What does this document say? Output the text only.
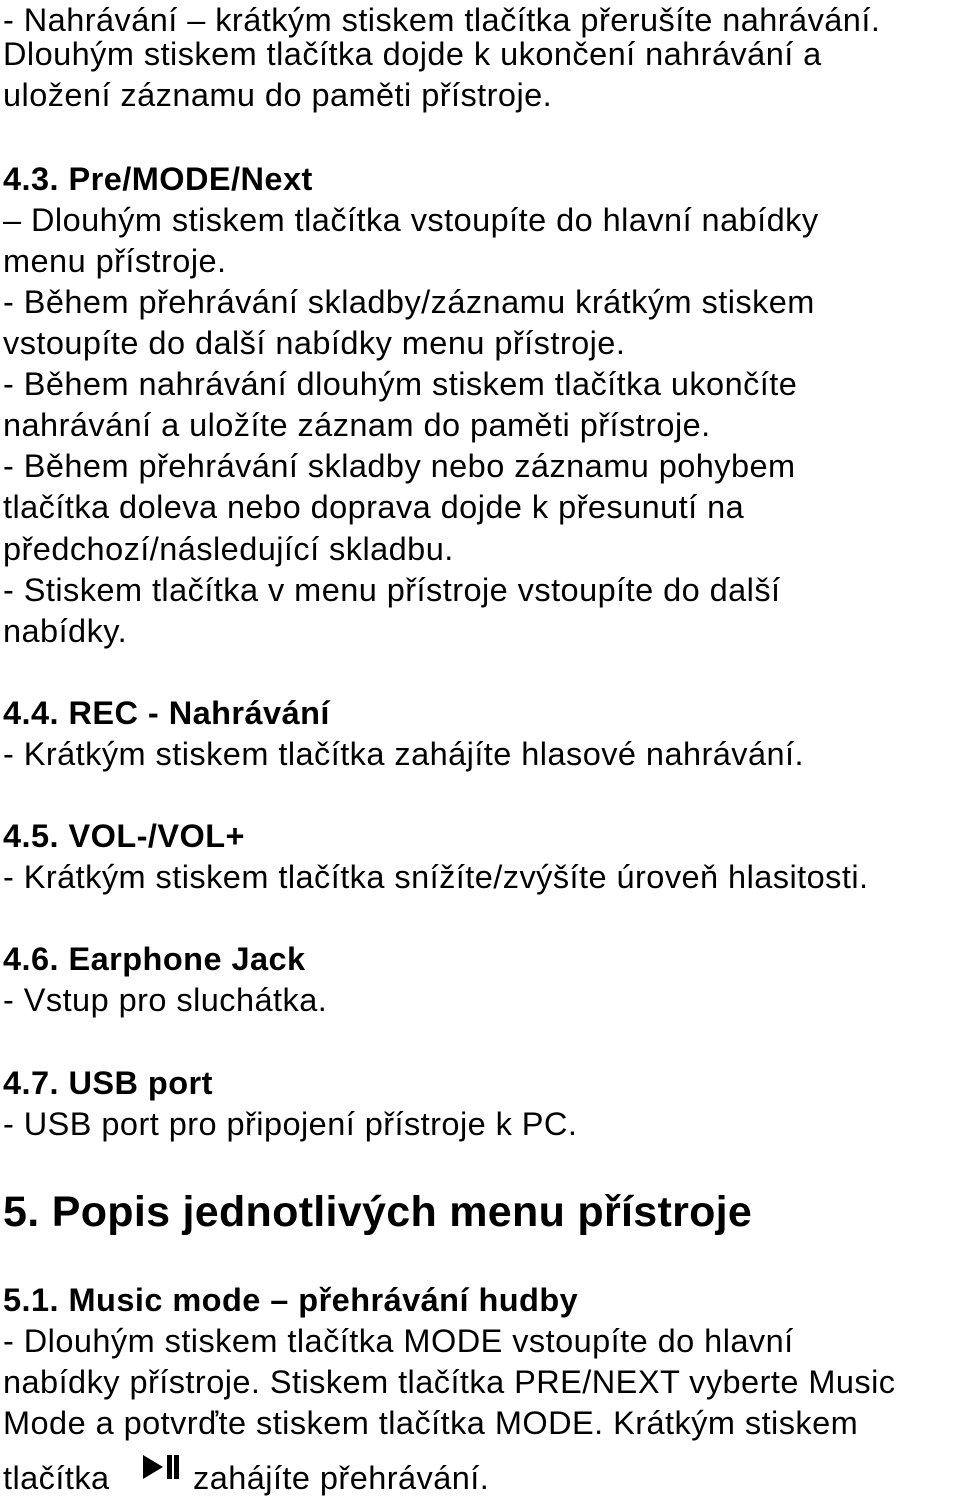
- Nahrávání – krátkým stiskem tlačítka přerušíte nahrávání.
Dlouhým stiskem tlačítka dojde k ukončení nahrávání a
uložení záznamu do paměti přístroje.
4.3. Pre/MODE/Next
– Dlouhým stiskem tlačítka vstoupíte do hlavní nabídky
menu přístroje.
- Během přehrávání skladby/záznamu krátkým stiskem
vstoupíte do další nabídky menu přístroje.
- Během nahrávání dlouhým stiskem tlačítka ukončíte
nahrávání a uložíte záznam do paměti přístroje.
- Během přehrávání skladby nebo záznamu pohybem
tlačítka doleva nebo doprava dojde k přesunutí na
předchozí/následující skladbu.
- Stiskem tlačítka v menu přístroje vstoupíte do další
nabídky.
4.4. REC - Nahrávání
- Krátkým stiskem tlačítka zahájíte hlasové nahrávání.
4.5. VOL-/VOL+
- Krátkým stiskem tlačítka snížíte/zvýšíte úroveň hlasitosti.
4.6. Earphone Jack
- Vstup pro sluchátka.
4.7. USB port
- USB port pro připojení přístroje k PC.
5. Popis jednotlivých menu přístroje
5.1. Music mode – přehrávání hudby
- Dlouhým stiskem tlačítka MODE vstoupíte do hlavní
nabídky přístroje. Stiskem tlačítka PRE/NEXT vyberte Music
Mode a potvrďte stiskem tlačítka MODE. Krátkým stiskem
tlačítka	zahájíte přehrávání.
